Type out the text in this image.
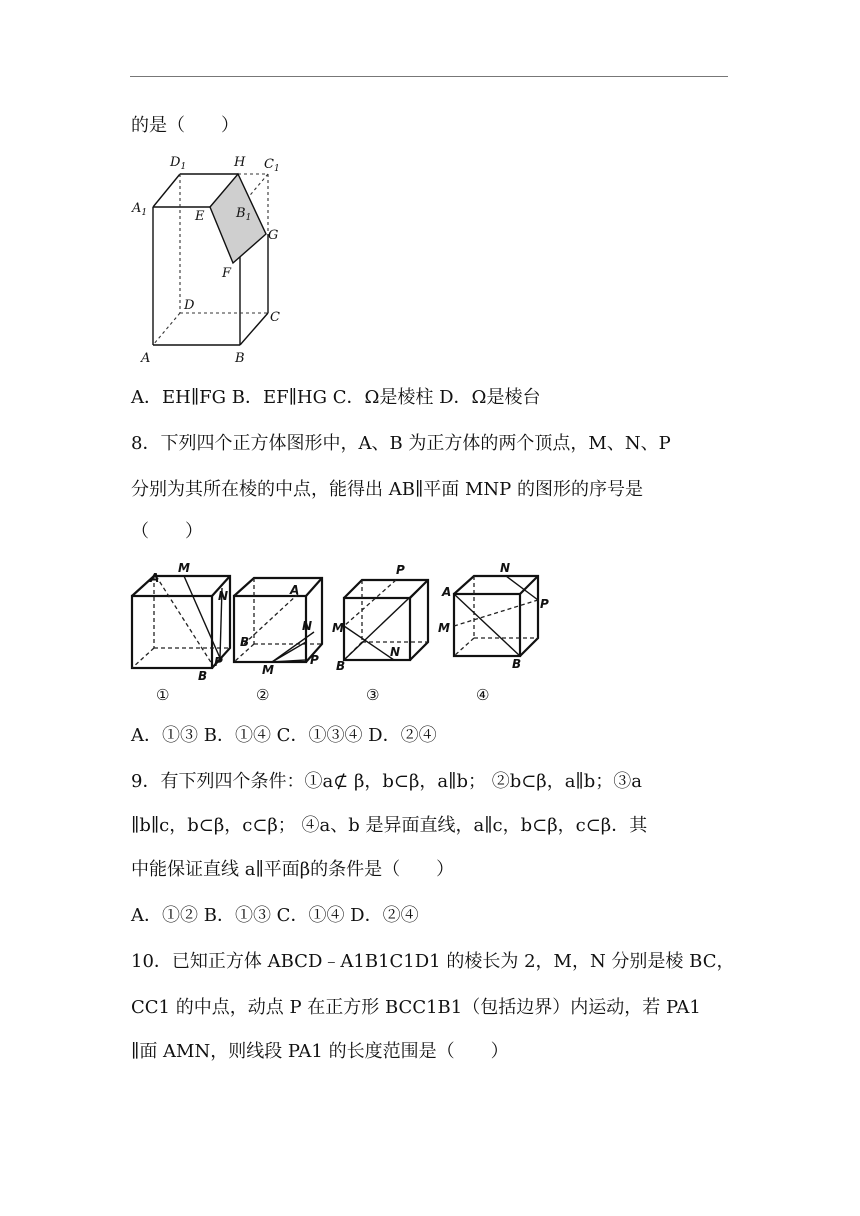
的是（　　）
$D_1$	H $C_1$
$A_1$	E $B_1$
G
F
D
C
A	B
A．EH∥FG B．EF∥HG C．Ω是棱柱 D．Ω是棱台
8．下列四个正方体图形中，A、B 为正方体的两个顶点，M、N、P
分别为其所在棱的中点，能得出 AB∥平面 MNP 的图形的序号是
（　　）
A
M
N
P
B
①
A
N
B
M
P
②
P
M
N
B
③
N
A
P
M
B
④
A．①③ B．①④ C．①③④ D．②④
9．有下列四个条件：①a⊄ β，b⊂β，a∥b； ②b⊂β，a∥b；③a
∥b∥c，b⊂β，c⊂β； ④a、b 是异面直线，a∥c，b⊂β，c⊂β．其
中能保证直线 a∥平面β的条件是（　　）
A．①② B．①③ C．①④ D．②④
10．已知正方体 ABCD﹣A1B1C1D1 的棱长为 2，M，N 分别是棱 BC，
CC1 的中点，动点 P 在正方形 BCC1B1（包括边界）内运动，若 PA1
∥面 AMN，则线段 PA1 的长度范围是（　　）
